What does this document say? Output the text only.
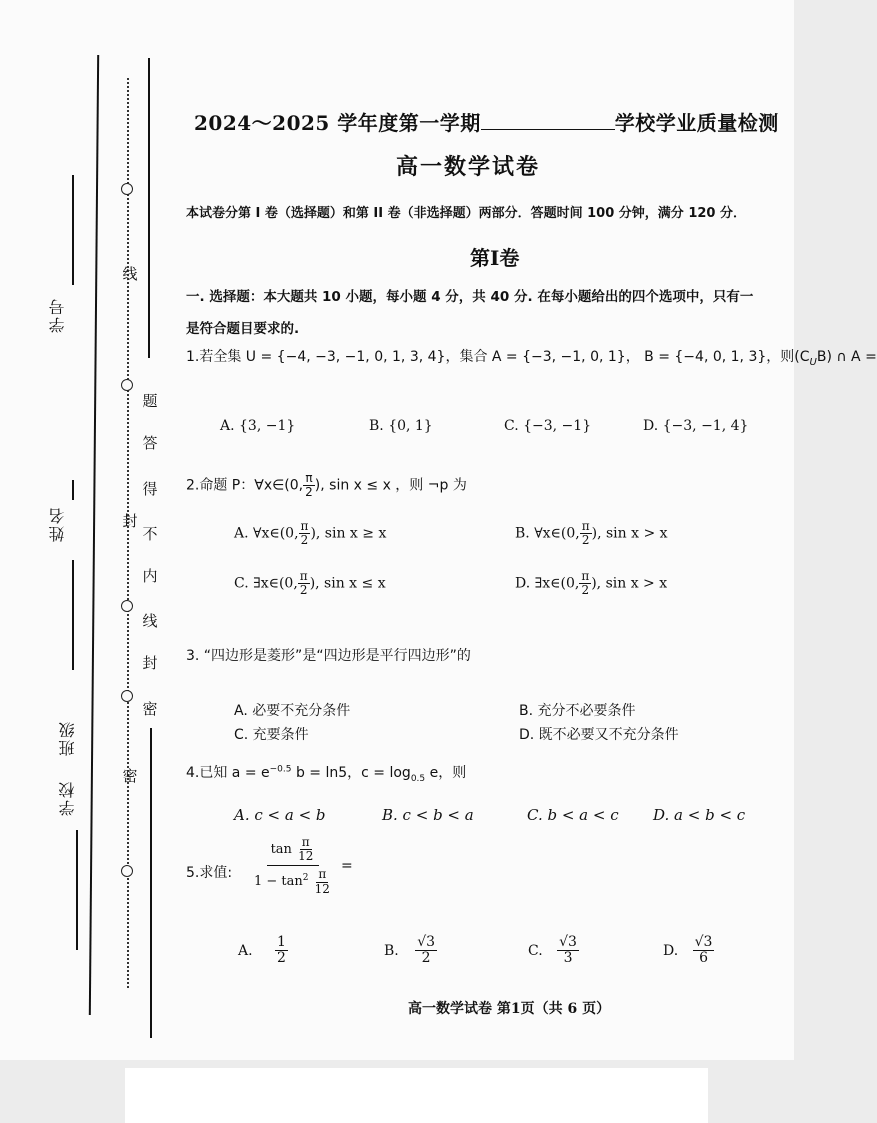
线
题
答
得
不
内
线
封
密
封
密
学号
姓名
班级
学校
2024～2025 学年度第一学期	学校学业质量检测
高一数学试卷
本试卷分第 I 卷（选择题）和第 II 卷（非选择题）两部分．答题时间 100 分钟，满分 120 分．
第I卷
一. 选择题：本大题共 10 小题，每小题 4 分，共 40 分. 在每小题给出的四个选项中，只有一
是符合题目要求的.
1.若全集 U = {−4, −3, −1, 0, 1, 3, 4}，集合 A = {−3, −1, 0, 1}， B = {−4, 0, 1, 3}，则$(C_UB)$ ∩ A =
A. {3, −1}	B. {0, 1}	C. {−3, −1}	D. {−3, −1, 4}
2.命题 P：∀x∈(0, $\frac{\pi}{2}$ ), sin x ≤ x ，则 ¬p 为
A. ∀x∈(0, $\frac{\pi}{2}$ ), sin x ≥ x	B. ∀x∈(0, $\frac{\pi}{2}$ ), sin x > x
C. ∃x∈(0, $\frac{\pi}{2}$ ), sin x ≤ x	D. ∃x∈(0, $\frac{\pi}{2}$ ), sin x > x
3. “四边形是菱形”是“四边形是平行四边形”的
A. 必要不充分条件	B. 充分不必要条件
C. 充要条件	D. 既不必要又不充分条件
4.已知 $a = e^{-0.5}$ b = ln5，$c = \log_{0.5} e$，则
A. c < a < b	B. c < b < a	C. b < a < c D. a < b < c
5.求值: $\frac{\tan \frac{\pi}{12}}{1 - \tan^2 \frac{\pi}{12}}$ =
A. $\frac{1}{2}$	B. $\frac{√3}{2}$	C. $\frac{√3}{3}$	D. $\frac{√3}{6}$
高一数学试卷 第1页（共 6 页）
